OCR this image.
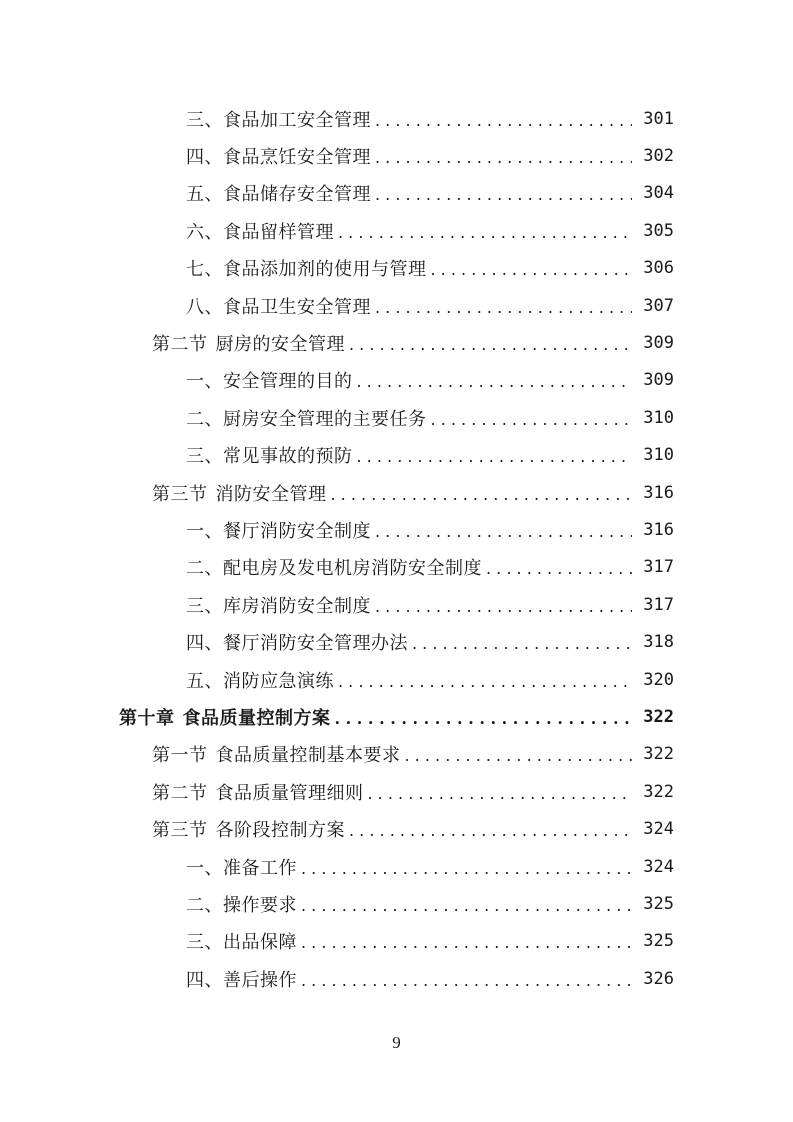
三、食品加工安全管理 . . .	301
四、食品烹饪安全管理 . . .	302
五、食品储存安全管理 . . .	304
六、食品留样管理 . . .	305
七、食品添加剂的使用与管理 . . .	306
八、食品卫生安全管理 . . .	307
第二节 厨房的安全管理 . . .	309
一、安全管理的目的 . . .	309
二、厨房安全管理的主要任务 . . .	310
三、常见事故的预防 . . .	310
第三节 消防安全管理 . . .	316
一、餐厅消防安全制度 . . .	316
二、配电房及发电机房消防安全制度 . . .	317
三、库房消防安全制度 . . .	317
四、餐厅消防安全管理办法 . . .	318
五、消防应急演练 . . .	320
第十章 食品质量控制方案 . . .	322
第一节 食品质量控制基本要求 . . .	322
第二节 食品质量管理细则 . . .	322
第三节 各阶段控制方案 . . .	324
一、准备工作 . . .	324
二、操作要求 . . .	325
三、出品保障 . . .	325
四、善后操作 . . .	326
9
